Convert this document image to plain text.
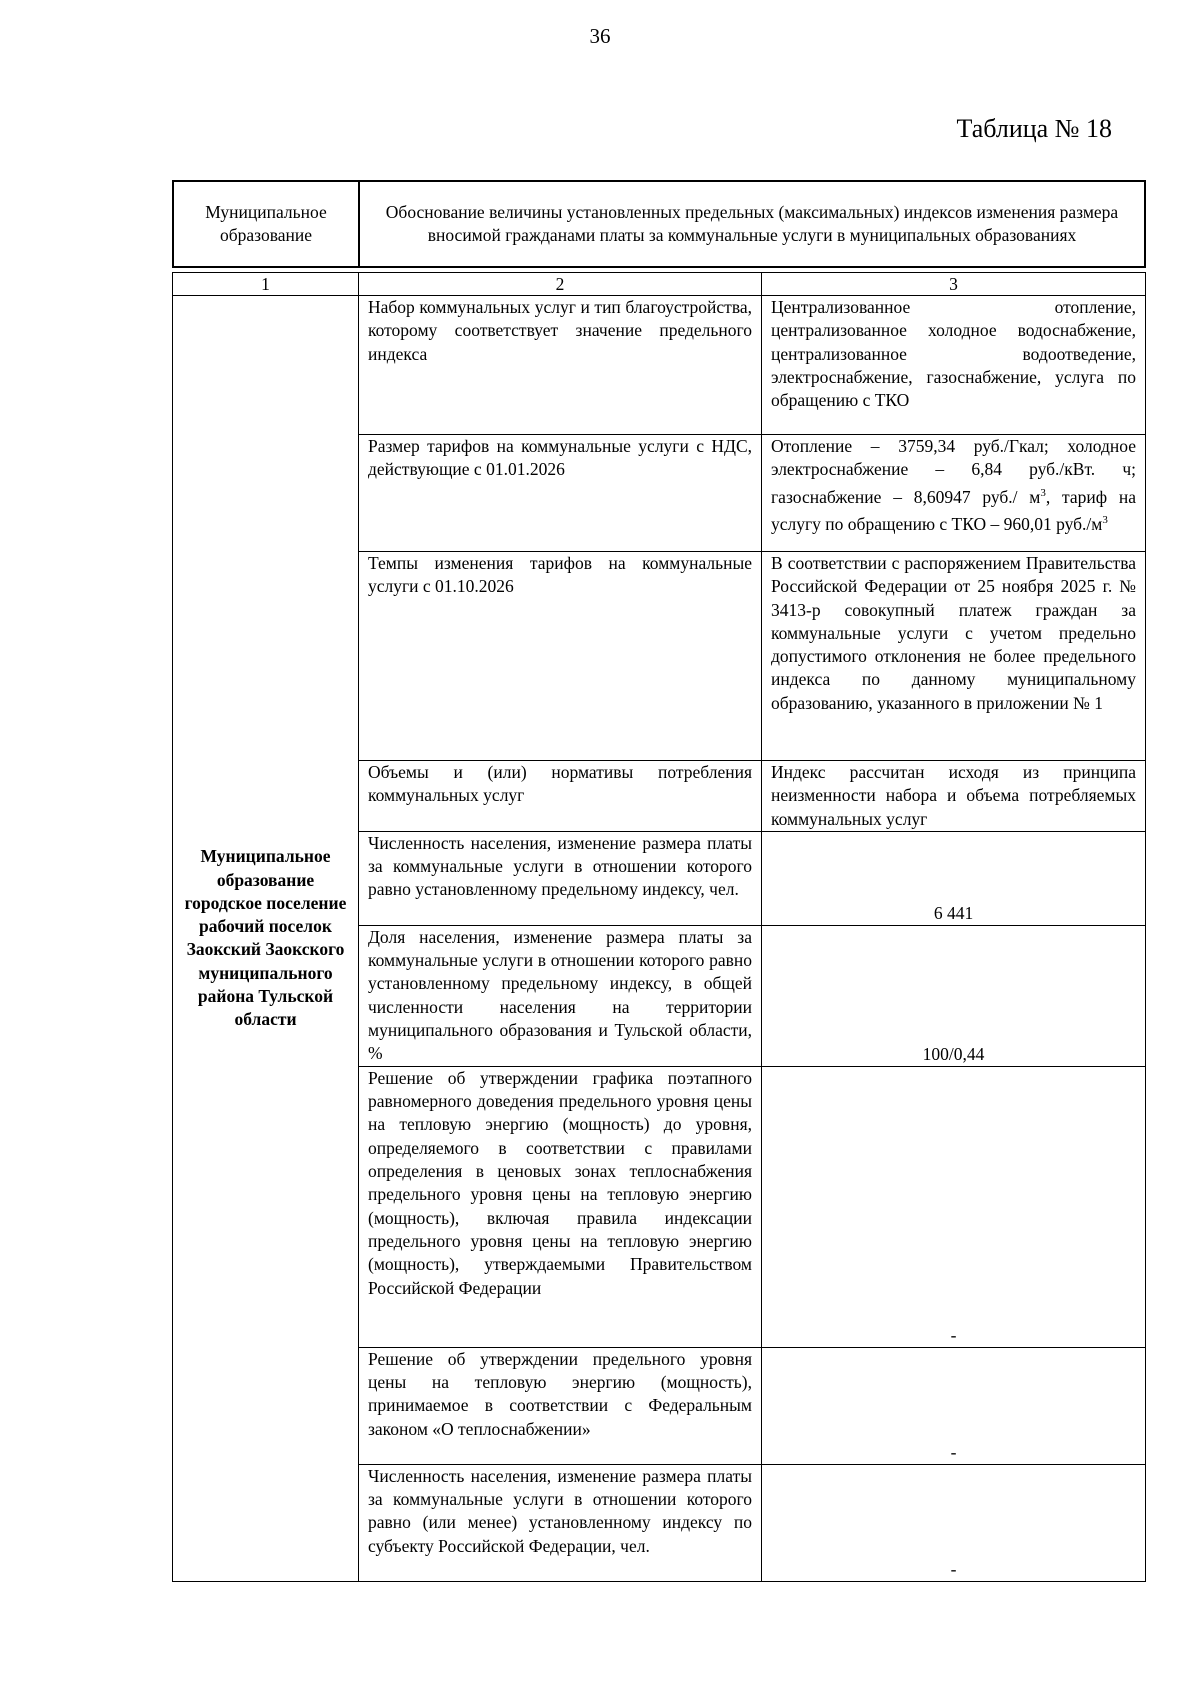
36
Таблица № 18
Муниципальное образование	Обоснование величины установленных предельных (максимальных) индексов изменения размера вносимой гражданами платы за коммунальные услуги в муниципальных образованиях
1	2	3
Муниципальное образование городское поселение рабочий поселок Заокский Заокского муниципального района Тульской области	Набор коммунальных услуг и тип благоустройства, которому соответствует значение предельного индекса	Централизованное отопление, централизованное холодное водоснабжение, централизованное водоотведение, электроснабжение, газоснабжение, услуга по обращению с ТКО
	Размер тарифов на коммунальные услуги с НДС, действующие с 01.01.2026	Отопление – 3759,34 руб./Гкал; холодное электроснабжение – 6,84 руб./кВт. ч; газоснабжение – 8,60947 руб./ $м^3$, тариф на услугу по обращению с ТКО – 960,01 $руб./м^3$
	Темпы изменения тарифов на коммунальные услуги с 01.10.2026	В соответствии с распоряжением Правительства Российской Федерации от 25 ноября 2025 г. № 3413-р совокупный платеж граждан за коммунальные услуги с учетом предельно допустимого отклонения не более предельного индекса по данному муниципальному образованию, указанного в приложении № 1
	Объемы и (или) нормативы потребления коммунальных услуг	Индекс рассчитан исходя из принципа неизменности набора и объема потребляемых коммунальных услуг
	Численность населения, изменение размера платы за коммунальные услуги в отношении которого равно установленному предельному индексу, чел.	6 441
	Доля населения, изменение размера платы за коммунальные услуги в отношении которого равно установленному предельному индексу, в общей численности населения на территории муниципального образования и Тульской области, %	100/0,44
	Решение об утверждении графика поэтапного равномерного доведения предельного уровня цены на тепловую энергию (мощность) до уровня, определяемого в соответствии с правилами определения в ценовых зонах теплоснабжения предельного уровня цены на тепловую энергию (мощность), включая правила индексации предельного уровня цены на тепловую энергию (мощность), утверждаемыми Правительством Российской Федерации	-
	Решение об утверждении предельного уровня цены на тепловую энергию (мощность), принимаемое в соответствии с Федеральным законом «О теплоснабжении»	-
	Численность населения, изменение размера платы за коммунальные услуги в отношении которого равно (или менее) установленному индексу по субъекту Российской Федерации, чел.	-
